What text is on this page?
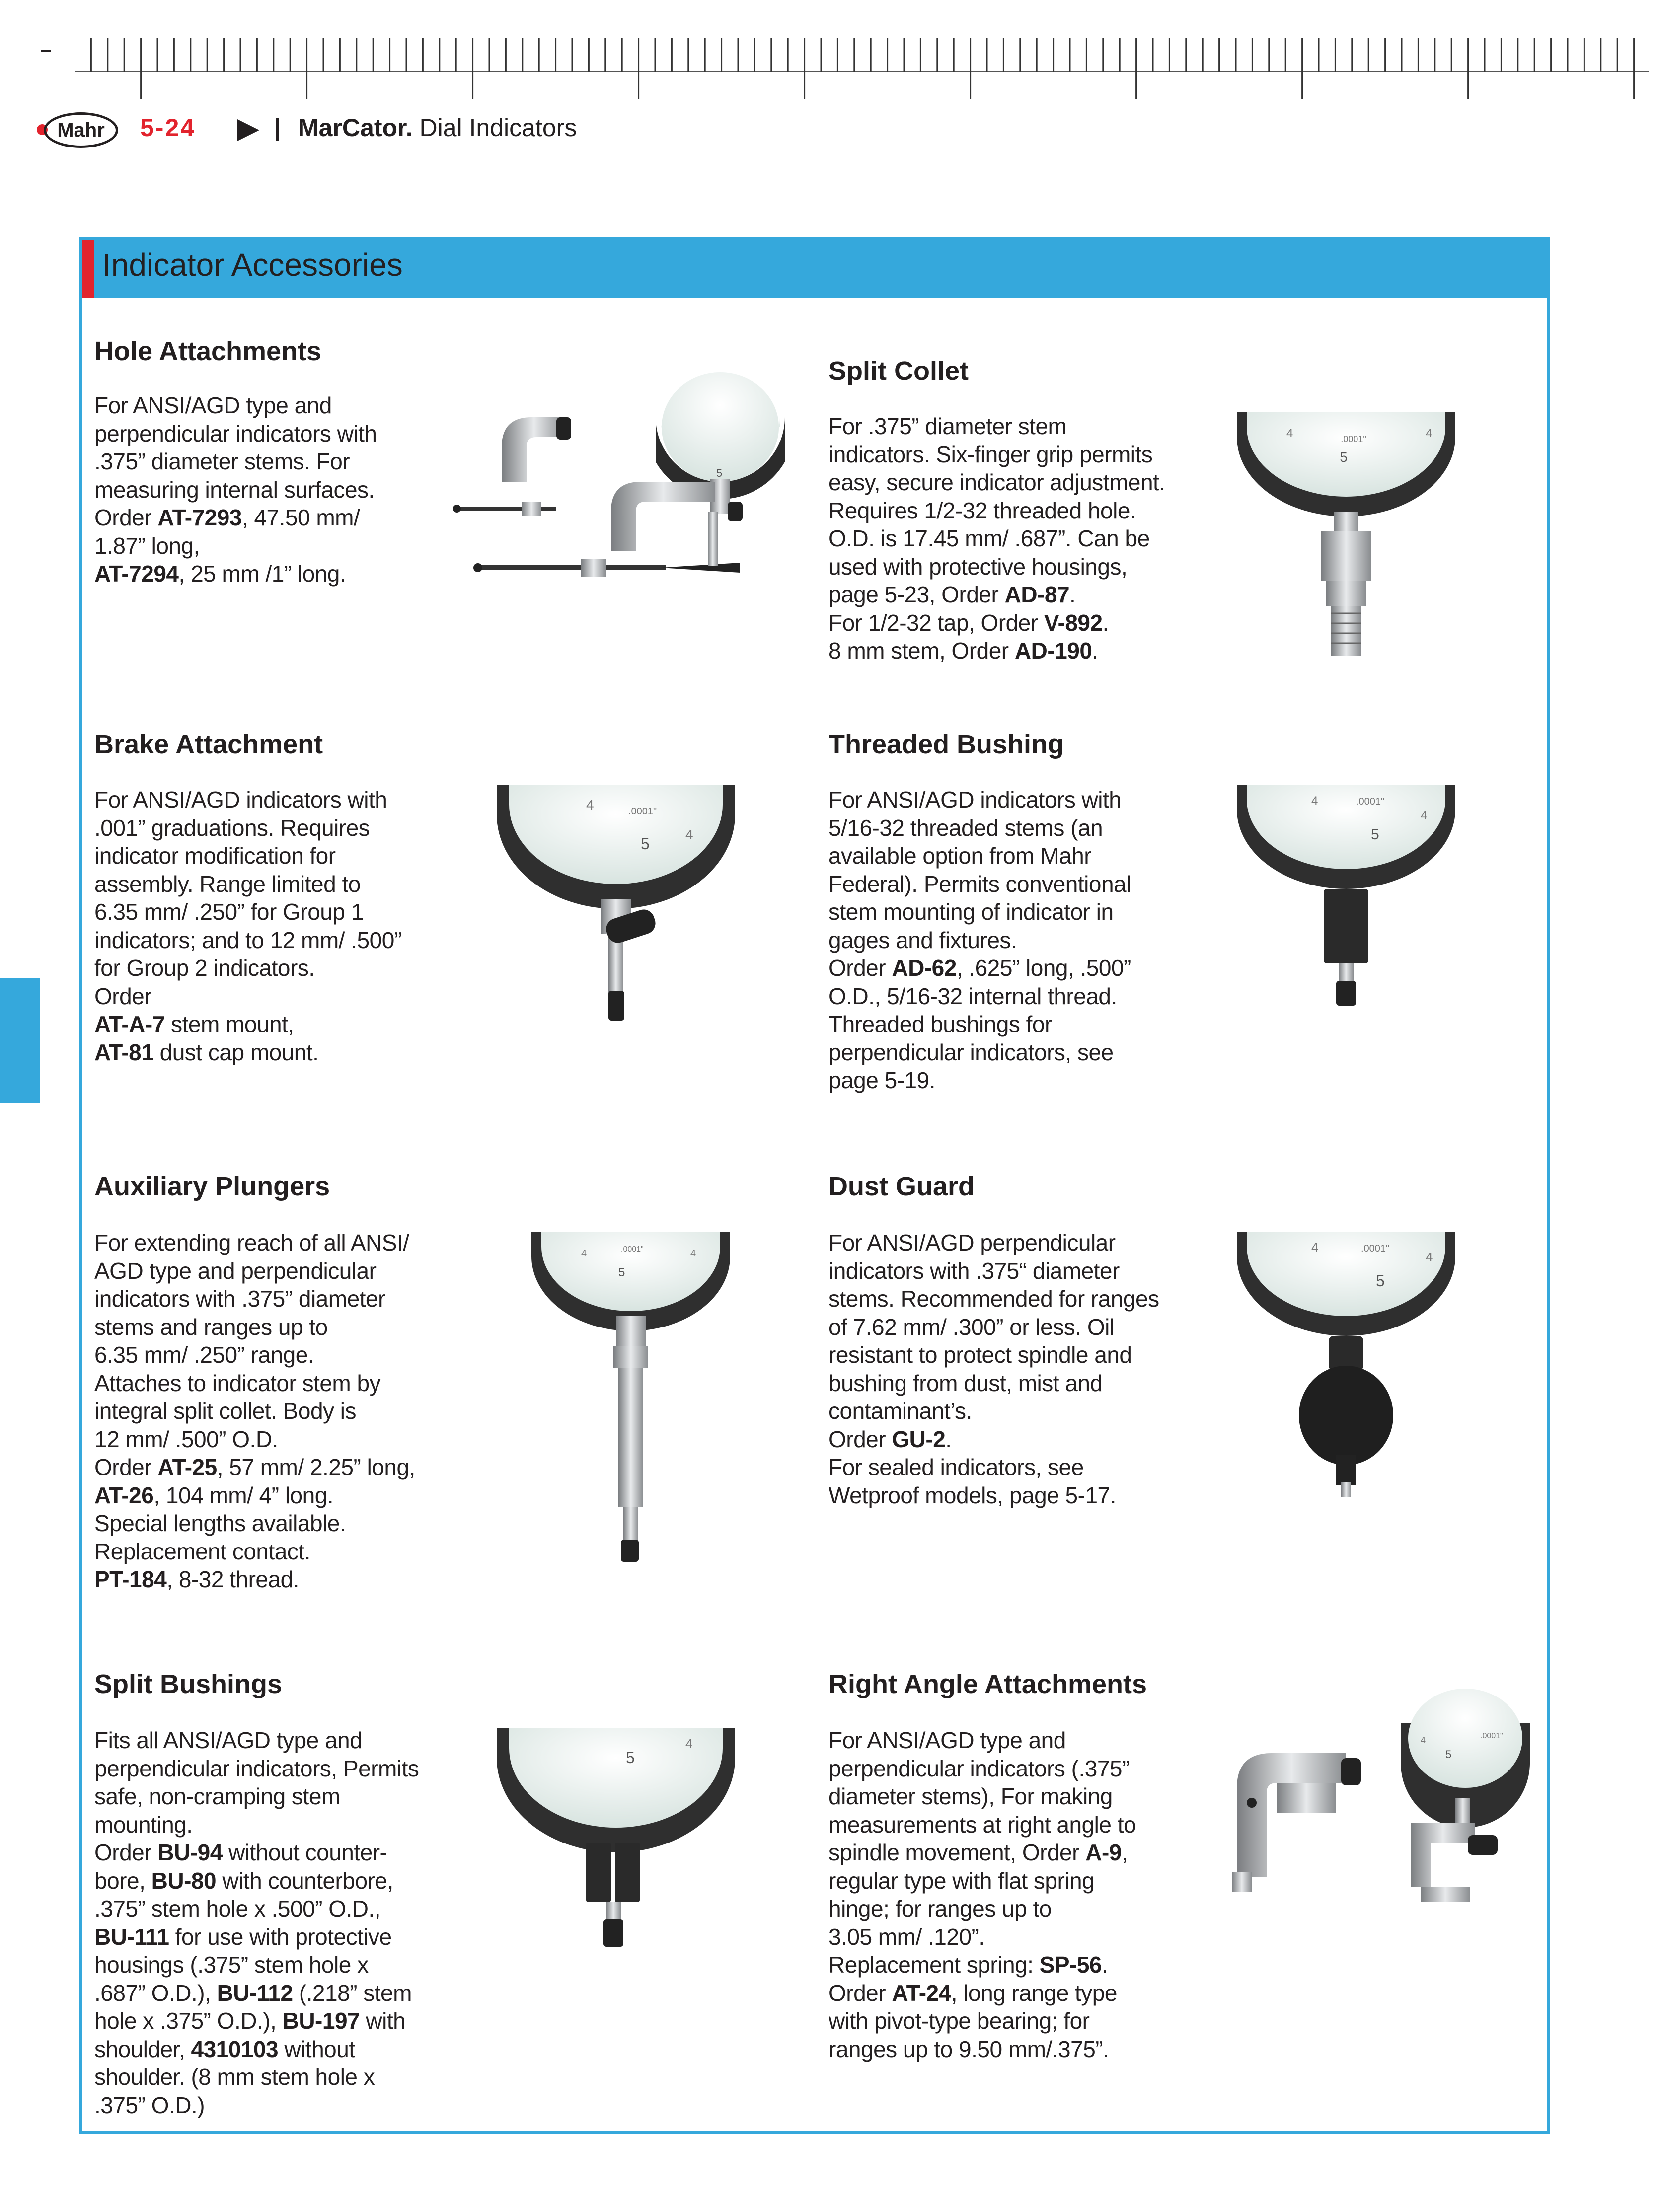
Mahr 5-24	MarCator. Dial Indicators
Indicator Accessories
Hole Attachments
For ANSI/AGD type and
perpendicular indicators with
.375” diameter stems. For
measuring internal surfaces.
Order AT-7293, 47.50 mm/
1.87” long,
AT-7294, 25 mm /1” long.
Split Collet
For .375” diameter stem
indicators. Six-finger grip permits
easy, secure indicator adjustment.
Requires 1/2-32 threaded hole.
O.D. is 17.45 mm/ .687”. Can be
used with protective housings,
page 5-23, Order AD-87.
For 1/2-32 tap, Order V-892.
8 mm stem, Order AD-190.
Brake Attachment
For ANSI/AGD indicators with
.001” graduations. Requires
indicator modification for
assembly. Range limited to
6.35 mm/ .250” for Group 1
indicators; and to 12 mm/ .500”
for Group 2 indicators.
Order
AT-A-7 stem mount,
AT-81 dust cap mount.
Threaded Bushing
For ANSI/AGD indicators with
5/16-32 threaded stems (an
available option from Mahr
Federal). Permits conventional
stem mounting of indicator in
gages and fixtures.
Order AD-62, .625” long, .500”
O.D., 5/16-32 internal thread.
Threaded bushings for
perpendicular indicators, see
page 5-19.
Auxiliary Plungers
For extending reach of all ANSI/
AGD type and perpendicular
indicators with .375” diameter
stems and ranges up to
6.35 mm/ .250” range.
Attaches to indicator stem by
integral split collet. Body is
12 mm/ .500” O.D.
Order AT-25, 57 mm/ 2.25” long,
AT-26, 104 mm/ 4” long.
Special lengths available.
Replacement contact.
PT-184, 8-32 thread.
Dust Guard
For ANSI/AGD perpendicular
indicators with .375“ diameter
stems. Recommended for ranges
of 7.62 mm/ .300” or less. Oil
resistant to protect spindle and
bushing from dust, mist and
contaminant’s.
Order GU-2.
For sealed indicators, see
Wetproof models, page 5-17.
Split Bushings
Fits all ANSI/AGD type and
perpendicular indicators, Permits
safe, non-cramping stem
mounting.
Order BU-94 without counter-
bore, BU-80 with counterbore,
.375” stem hole x .500” O.D.,
BU-111 for use with protective
housings (.375” stem hole x
.687” O.D.), BU-112 (.218” stem
hole x .375” O.D.), BU-197 with
shoulder, 4310103 without
shoulder. (8 mm stem hole x
.375” O.D.)
Right Angle Attachments
For ANSI/AGD type and
perpendicular indicators (.375”
diameter stems), For making
measurements at right angle to
spindle movement, Order A-9,
regular type with flat spring
hinge; for ranges up to
3.05 mm/ .120”.
Replacement spring: SP-56.
Order AT-24, long range type
with pivot-type bearing; for
ranges up to 9.50 mm/.375”.
5
5
.0001"
4	4
5
.0001"
4
4	5
.0001"
4
4
5
.0001"
4	4
5
.0001"
4
4
5
4
5
4	.0001"
